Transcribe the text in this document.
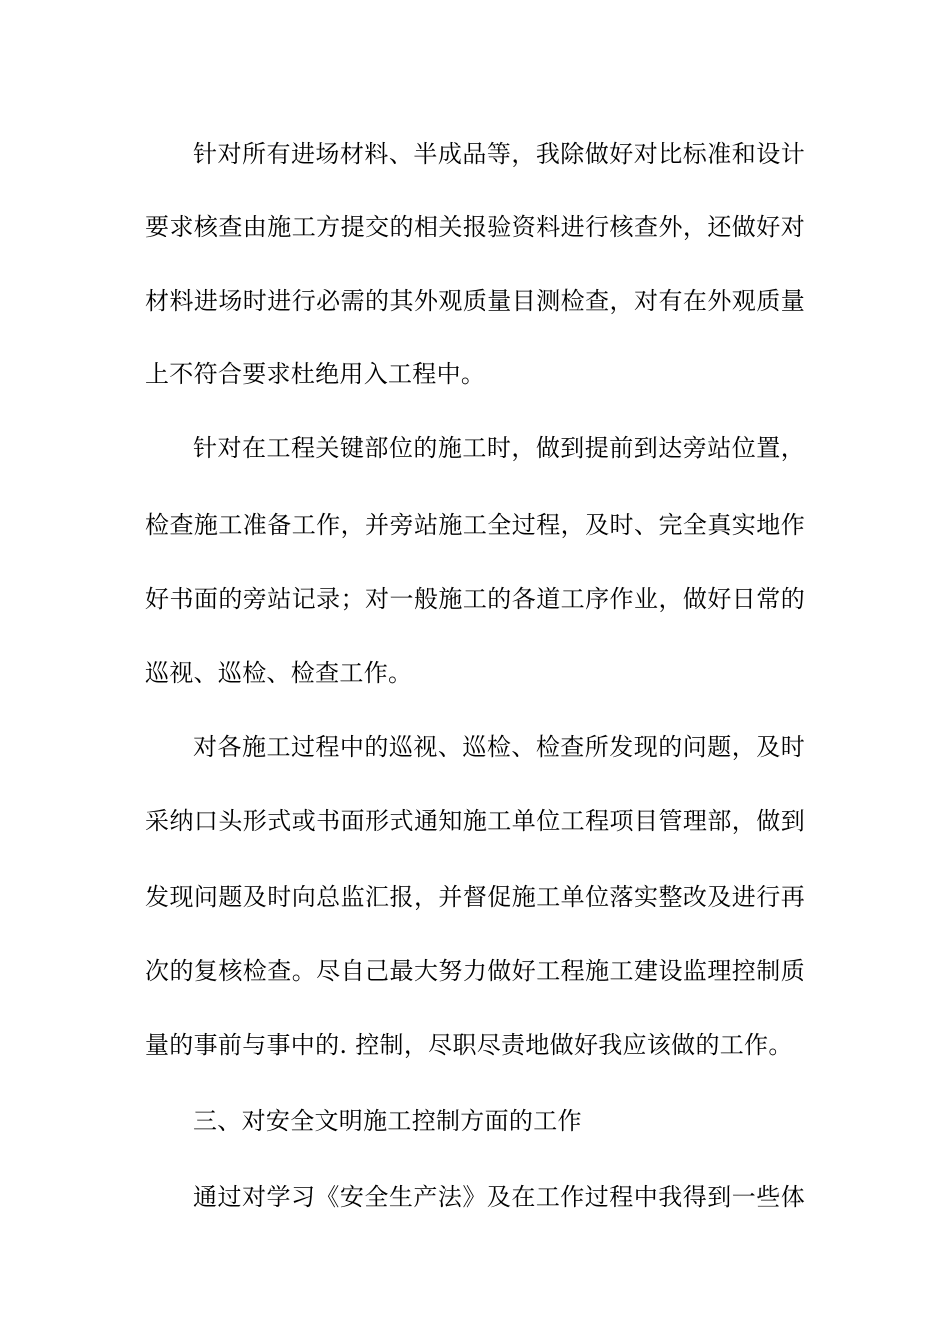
针对所有进场材料、半成品等，我除做好对比标准和设计
要求核查由施工方提交的相关报验资料进行核查外，还做好对
材料进场时进行必需的其外观质量目测检查，对有在外观质量
上不符合要求杜绝用入工程中。
针对在工程关键部位的施工时，做到提前到达旁站位置，
检查施工准备工作，并旁站施工全过程，及时、完全真实地作
好书面的旁站记录；对一般施工的各道工序作业，做好日常的
巡视、巡检、检查工作。
对各施工过程中的巡视、巡检、检查所发现的问题，及时
采纳口头形式或书面形式通知施工单位工程项目管理部，做到
发现问题及时向总监汇报，并督促施工单位落实整改及进行再
次的复核检查。尽自己最大努力做好工程施工建设监理控制质
量的事前与事中的. 控制，尽职尽责地做好我应该做的工作。
三、对安全文明施工控制方面的工作
通过对学习《安全生产法》及在工作过程中我得到一些体
